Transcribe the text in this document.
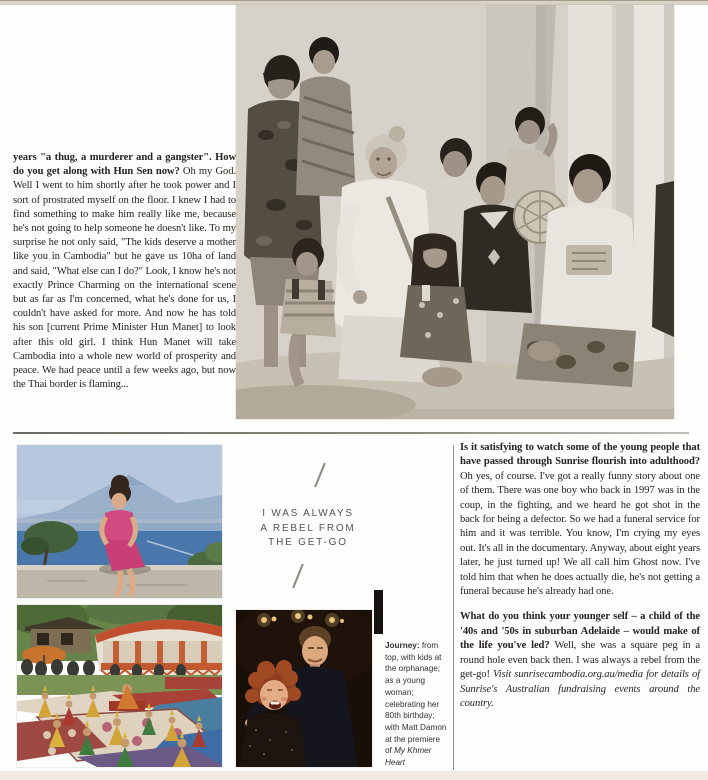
years "a thug, a murderer and a gangster". How do you get along with Hun Sen now? Oh my God. Well I went to him shortly after he took power and I sort of prostrated myself on the floor. I knew I had to find something to make him really like me, because he's not going to help someone he doesn't like. To my surprise he not only said, "The kids deserve a mother like you in Cambodia" but he gave us 10ha of land and said, "What else can I do?" Look, I know he's not exactly Prince Charming on the international scene but as far as I'm concerned, what he's done for us, I couldn't have asked for more. And now he has told his son [current Prime Minister Hun Manet] to look after this old girl. I think Hun Manet will take Cambodia into a whole new world of prosperity and peace. We had peace until a few weeks ago, but now the Thai border is flaming...

I WAS ALWAYS
A REBEL FROM
THE GET-GO
Journey: from top, with kids at the orphanage; as a young woman; celebrating her 80th birthday; with Matt Damon at the premiere of My Khmer Heart

Is it satisfying to watch some of the young people that have passed through Sunrise flourish into adulthood? Oh yes, of course. I've got a really funny story about one of them. There was one boy who back in 1997 was in the coup, in the fighting, and we heard he got shot in the back for being a defector. So we had a funeral service for him and it was terrible. You know, I'm crying my eyes out. It's all in the documentary. Anyway, about eight years later, he just turned up! We all call him Ghost now. I've told him that when he does actually die, he's not getting a funeral because he's already had one.

What do you think your younger self – a child of the '40s and '50s in suburban Adelaide – would make of the life you've led? Well, she was a square peg in a round hole even back then. I was always a rebel from the get-go! Visit sunrisecambodia.org.au/media for details of Sunrise's Australian fundraising events around the country.
